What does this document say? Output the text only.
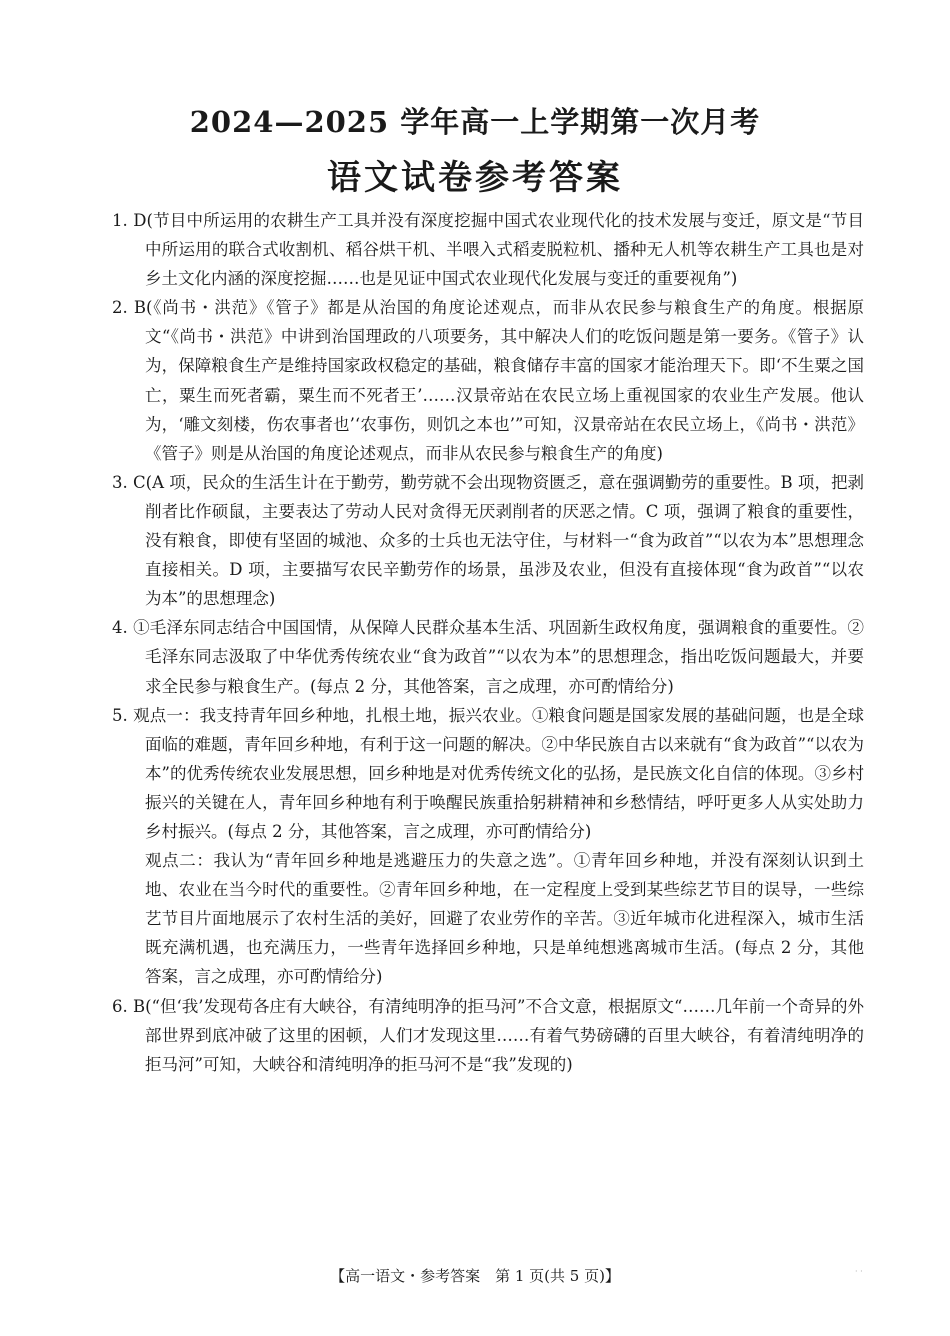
2024—2025 学年高一上学期第一次月考
语文试卷参考答案
1. D(节目中所运用的农耕生产工具并没有深度挖掘中国式农业现代化的技术发展与变迁，原文是“节目中所运用的联合式收割机、稻谷烘干机、半喂入式稻麦脱粒机、播种无人机等农耕生产工具也是对乡土文化内涵的深度挖掘……也是见证中国式农业现代化发展与变迁的重要视角”)
2. B(《尚书・洪范》《管子》都是从治国的角度论述观点，而非从农民参与粮食生产的角度。根据原文“《尚书・洪范》中讲到治国理政的八项要务，其中解决人们的吃饭问题是第一要务。《管子》认为，保障粮食生产是维持国家政权稳定的基础，粮食储存丰富的国家才能治理天下。即‘不生粟之国亡，粟生而死者霸，粟生而不死者王’……汉景帝站在农民立场上重视国家的农业生产发展。他认为，‘雕文刻楼，伤农事者也’‘农事伤，则饥之本也’”可知，汉景帝站在农民立场上，《尚书・洪范》《管子》则是从治国的角度论述观点，而非从农民参与粮食生产的角度)
3. C(A 项，民众的生活生计在于勤劳，勤劳就不会出现物资匮乏，意在强调勤劳的重要性。B 项，把剥削者比作硕鼠，主要表达了劳动人民对贪得无厌剥削者的厌恶之情。C 项，强调了粮食的重要性，没有粮食，即使有坚固的城池、众多的士兵也无法守住，与材料一“食为政首”“以农为本”思想理念直接相关。D 项，主要描写农民辛勤劳作的场景，虽涉及农业，但没有直接体现“食为政首”“以农为本”的思想理念)
4. ①毛泽东同志结合中国国情，从保障人民群众基本生活、巩固新生政权角度，强调粮食的重要性。②毛泽东同志汲取了中华优秀传统农业“食为政首”“以农为本”的思想理念，指出吃饭问题最大，并要求全民参与粮食生产。(每点 2 分，其他答案，言之成理，亦可酌情给分)
5. 观点一：我支持青年回乡种地，扎根土地，振兴农业。①粮食问题是国家发展的基础问题，也是全球面临的难题，青年回乡种地，有利于这一问题的解决。②中华民族自古以来就有“食为政首”“以农为本”的优秀传统农业发展思想，回乡种地是对优秀传统文化的弘扬，是民族文化自信的体现。③乡村振兴的关键在人，青年回乡种地有利于唤醒民族重拾躬耕精神和乡愁情结，呼吁更多人从实处助力乡村振兴。(每点 2 分，其他答案，言之成理，亦可酌情给分)
观点二：我认为“青年回乡种地是逃避压力的失意之选”。①青年回乡种地，并没有深刻认识到土地、农业在当今时代的重要性。②青年回乡种地，在一定程度上受到某些综艺节目的误导，一些综艺节目片面地展示了农村生活的美好，回避了农业劳作的辛苦。③近年城市化进程深入，城市生活既充满机遇，也充满压力，一些青年选择回乡种地，只是单纯想逃离城市生活。(每点 2 分，其他答案，言之成理，亦可酌情给分)
6. B(“但‘我’发现苟各庄有大峡谷，有清纯明净的拒马河”不合文意，根据原文“……几年前一个奇异的外部世界到底冲破了这里的困顿，人们才发现这里……有着气势磅礴的百里大峡谷，有着清纯明净的拒马河”可知，大峡谷和清纯明净的拒马河不是“我”发现的)
【高一语文・参考答案　第 1 页(共 5 页)】	· ·
